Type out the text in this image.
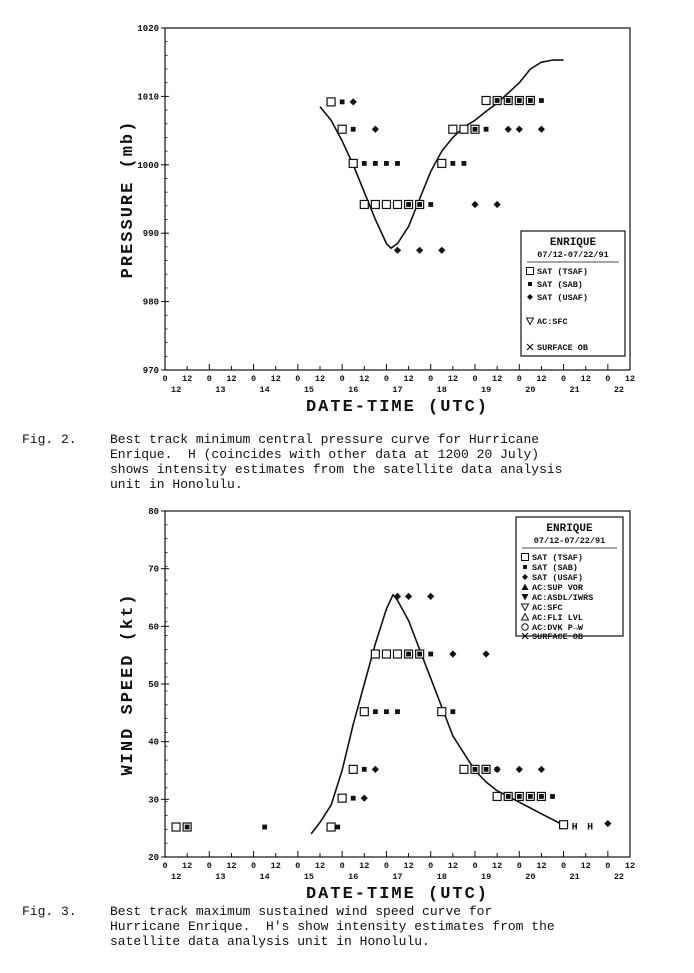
1020
1010
1000
990
980
970
0 12 0 12 0 12 0 12 0 12 0 12 0 12 0 12 0 12 0 12 0 12
12	13	14	15	16	17	18	19	20	21	22
DATE-TIME (UTC)
PRESSURE (mb)	ENRIQUE
07/12-07/22/91
SAT (TSAF)
SAT (SAB)
SAT (USAF)
AC:SFC
SURFACE OB
Fig. 2.	Best track minimum central pressure curve for Hurricane
Enrique.  H (coincides with other data at 1200 20 July)
shows intensity estimates from the satellite data analysis
unit in Honolulu.
80
70
60
50
40
30
20
0 12 0 12 0 12 0 12 0 12 0 12 0 12 0 12 0 12 0 12 0 12
12	13	14	15	16	17	18	19	20	21	22
DATE-TIME (UTC)
WIND SPEED (kt)
H H
ENRIQUE
07/12-07/22/91
SAT (TSAF)
SAT (SAB)
SAT (USAF)
AC:SUP VOR
AC:ASDL/IWRS
AC:SFC
AC:FLI LVL
AC:DVK P→W
SURFACE OB
Fig. 3.	Best track maximum sustained wind speed curve for
Hurricane Enrique.  H's show intensity estimates from the
satellite data analysis unit in Honolulu.
